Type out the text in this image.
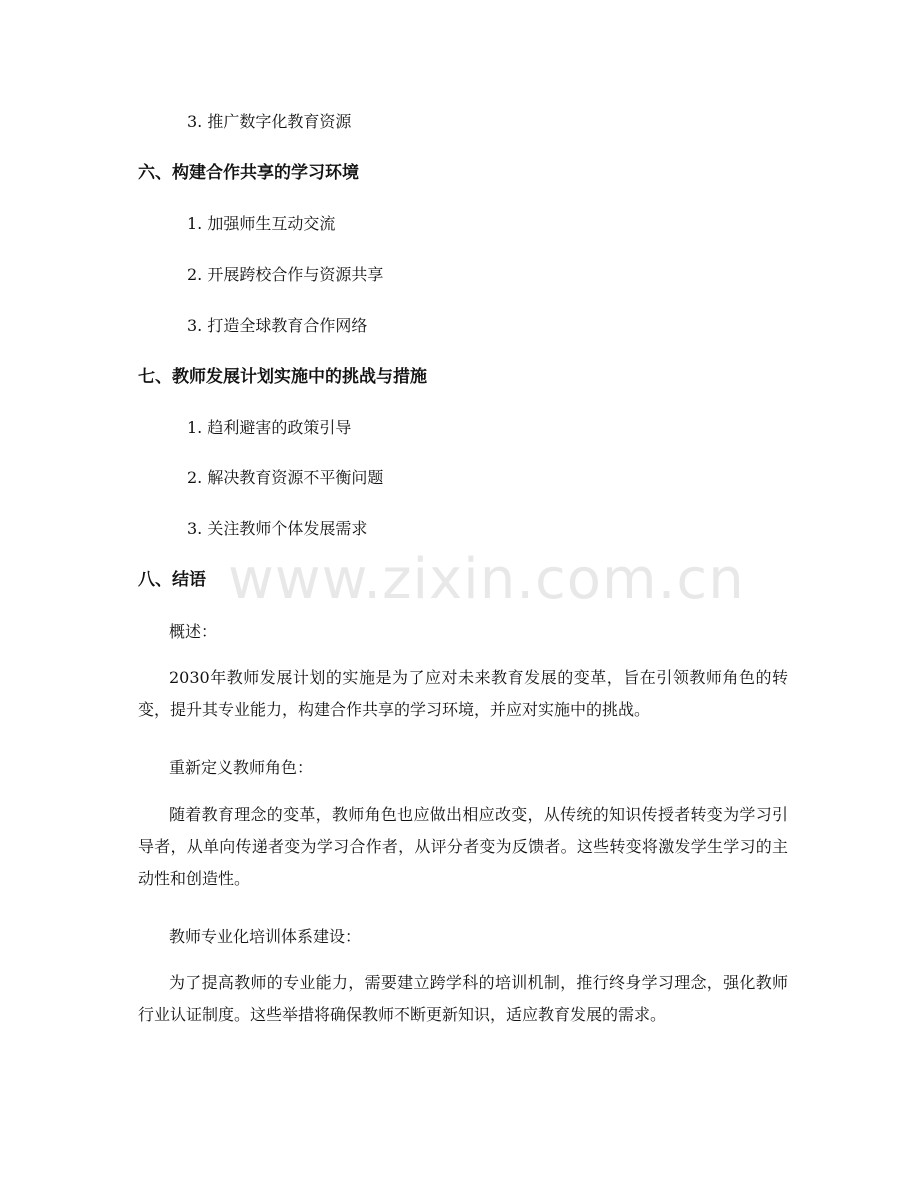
3. 推广数字化教育资源
六、构建合作共享的学习环境
1. 加强师生互动交流
2. 开展跨校合作与资源共享
3. 打造全球教育合作网络
七、教师发展计划实施中的挑战与措施
1. 趋利避害的政策引导
2. 解决教育资源不平衡问题
3. 关注教师个体发展需求
八、结语
概述：
2030年教师发展计划的实施是为了应对未来教育发展的变革，旨在引领教师角色的转变，提升其专业能力，构建合作共享的学习环境，并应对实施中的挑战。
重新定义教师角色：
随着教育理念的变革，教师角色也应做出相应改变，从传统的知识传授者转变为学习引导者，从单向传递者变为学习合作者，从评分者变为反馈者。这些转变将激发学生学习的主动性和创造性。
教师专业化培训体系建设：
为了提高教师的专业能力，需要建立跨学科的培训机制，推行终身学习理念，强化教师行业认证制度。这些举措将确保教师不断更新知识，适应教育发展的需求。
www.zixin.com.cn
